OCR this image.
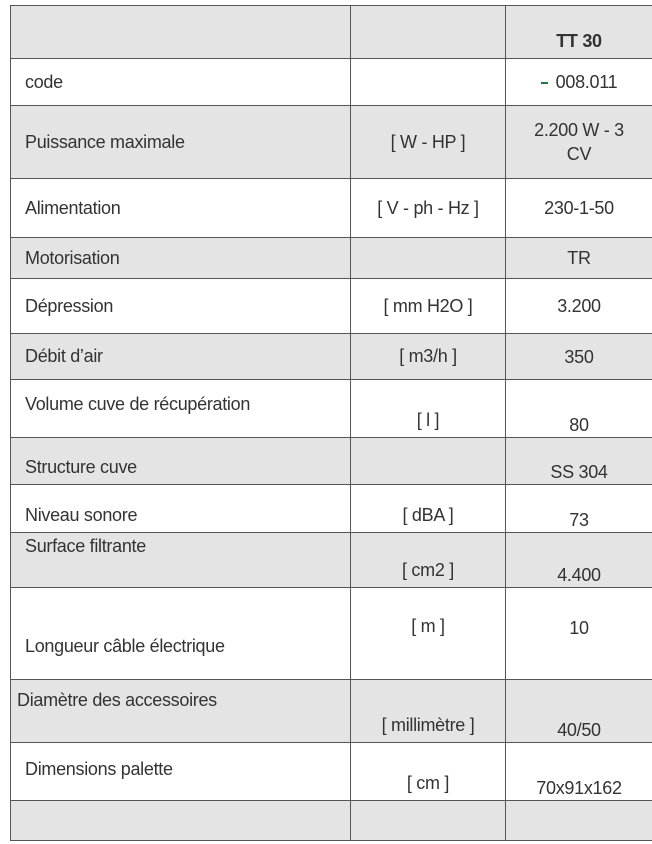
		TT 30
code		008.011
Puissance maximale	[ W - HP ]	2.200 W - 3 CV
Alimentation	[ V - ph - Hz ]	230-1-50
Motorisation		TR
Dépression	[ mm H2O ]	3.200
Débit d’air	[ m3/h ]	350
Volume cuve de récupération	[ l ]	80
Structure cuve		SS 304
Niveau sonore	[ dBA ]	73
Surface filtrante	[ cm2 ]	4.400
Longueur câble électrique	[ m ]	10
Diamètre des accessoires	[ millimètre ]	40/50
Dimensions palette	[ cm ]	70x91x162
